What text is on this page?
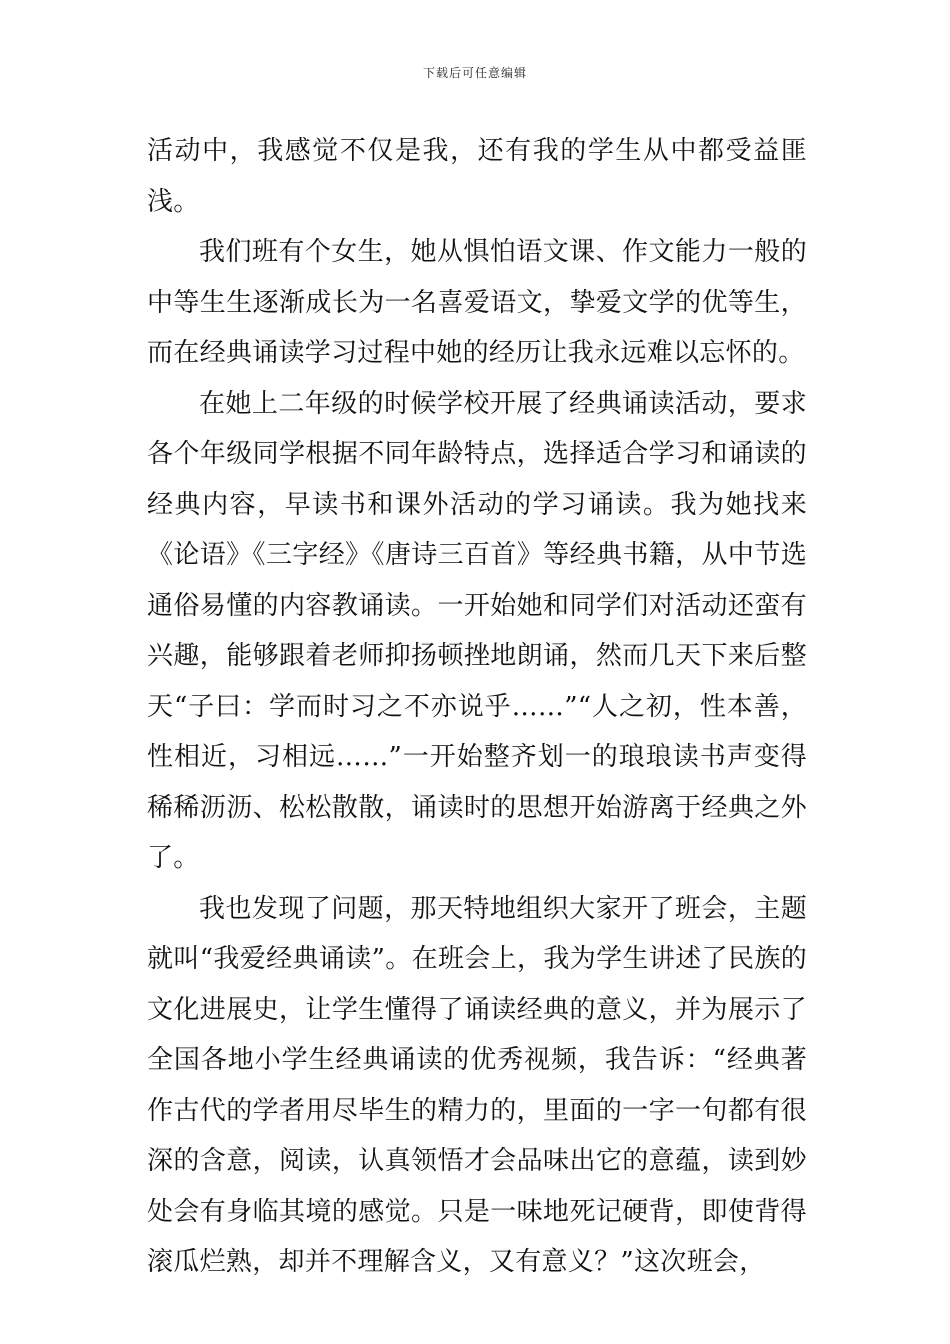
下载后可任意编辑

活动中，我感觉不仅是我，还有我的学生从中都受益匪浅。

我们班有个女生，她从惧怕语文课、作文能力一般的中等生生逐渐成长为一名喜爱语文，挚爱文学的优等生，而在经典诵读学习过程中她的经历让我永远难以忘怀的。

在她上二年级的时候学校开展了经典诵读活动，要求各个年级同学根据不同年龄特点，选择适合学习和诵读的经典内容，早读书和课外活动的学习诵读。我为她找来《论语》《三字经》《唐诗三百首》等经典书籍，从中节选通俗易懂的内容教诵读。一开始她和同学们对活动还蛮有兴趣，能够跟着老师抑扬顿挫地朗诵，然而几天下来后整天“子曰：学而时习之不亦说乎……”“人之初，性本善，性相近，习相远……”一开始整齐划一的琅琅读书声变得稀稀沥沥、松松散散，诵读时的思想开始游离于经典之外了。

我也发现了问题，那天特地组织大家开了班会，主题就叫“我爱经典诵读”。在班会上，我为学生讲述了民族的文化进展史，让学生懂得了诵读经典的意义，并为展示了全国各地小学生经典诵读的优秀视频，我告诉：“经典著作古代的学者用尽毕生的精力的，里面的一字一句都有很深的含意，阅读，认真领悟才会品味出它的意蕴，读到妙处会有身临其境的感觉。只是一味地死记硬背，即使背得滚瓜烂熟，却并不理解含义，又有意义？”这次班会，
